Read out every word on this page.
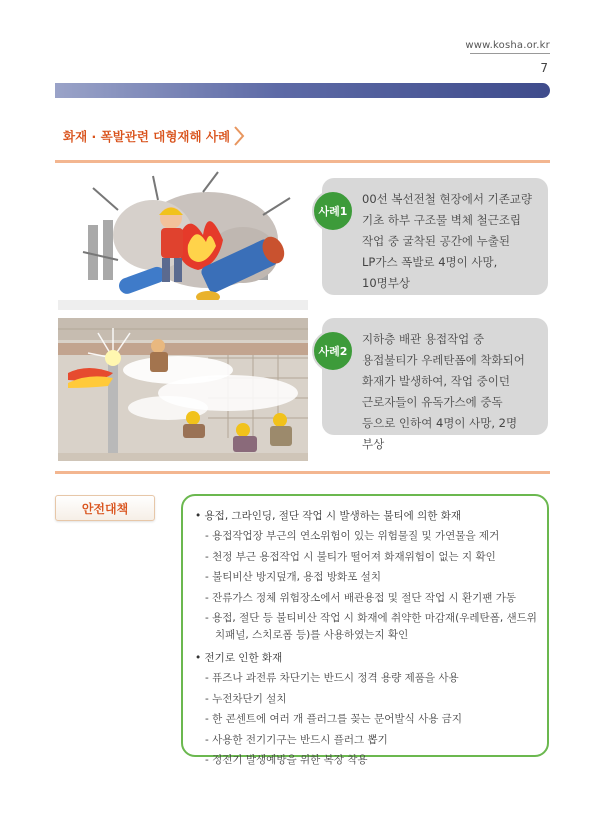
www.kosha.or.kr
7
화재 · 폭발관련 대형재해 사례
사례1
00선 복선전철 현장에서 기존교량 기초 하부 구조물 벽체 철근조립 작업 중 굴착된 공간에 누출된 LP가스 폭발로 4명이 사망, 10명부상
사례2
지하층 배관 용접작업 중 용접불티가 우레탄폼에 착화되어 화재가 발생하여, 작업 중이던 근로자들이 유독가스에 중독 등으로 인하여 4명이 사망, 2명 부상
안전대책
• 용접, 그라인딩, 절단 작업 시 발생하는 불티에 의한 화재
- 용접작업장 부근의 연소위험이 있는 위험물질 및 가연물을 제거
- 천정 부근 용접작업 시 불티가 떨어져 화재위험이 없는 지 확인
- 불티비산 방지덮개, 용접 방화포 설치
- 잔류가스 정체 위험장소에서 배관용접 및 절단 작업 시 환기팬 가동
- 용접, 절단 등 불티비산 작업 시 화재에 취약한 마감재(우레탄폼, 샌드위치패널, 스치로폼 등)를 사용하였는지 확인
• 전기로 인한 화재
- 퓨즈나 과전류 차단기는 반드시 정격 용량 제품을 사용
- 누전차단기 설치
- 한 콘센트에 여러 개 플러그를 꽂는 문어발식 사용 금지
- 사용한 전기기구는 반드시 플러그 뽑기
- 정전기 발생예방을 위한 복장 착용
